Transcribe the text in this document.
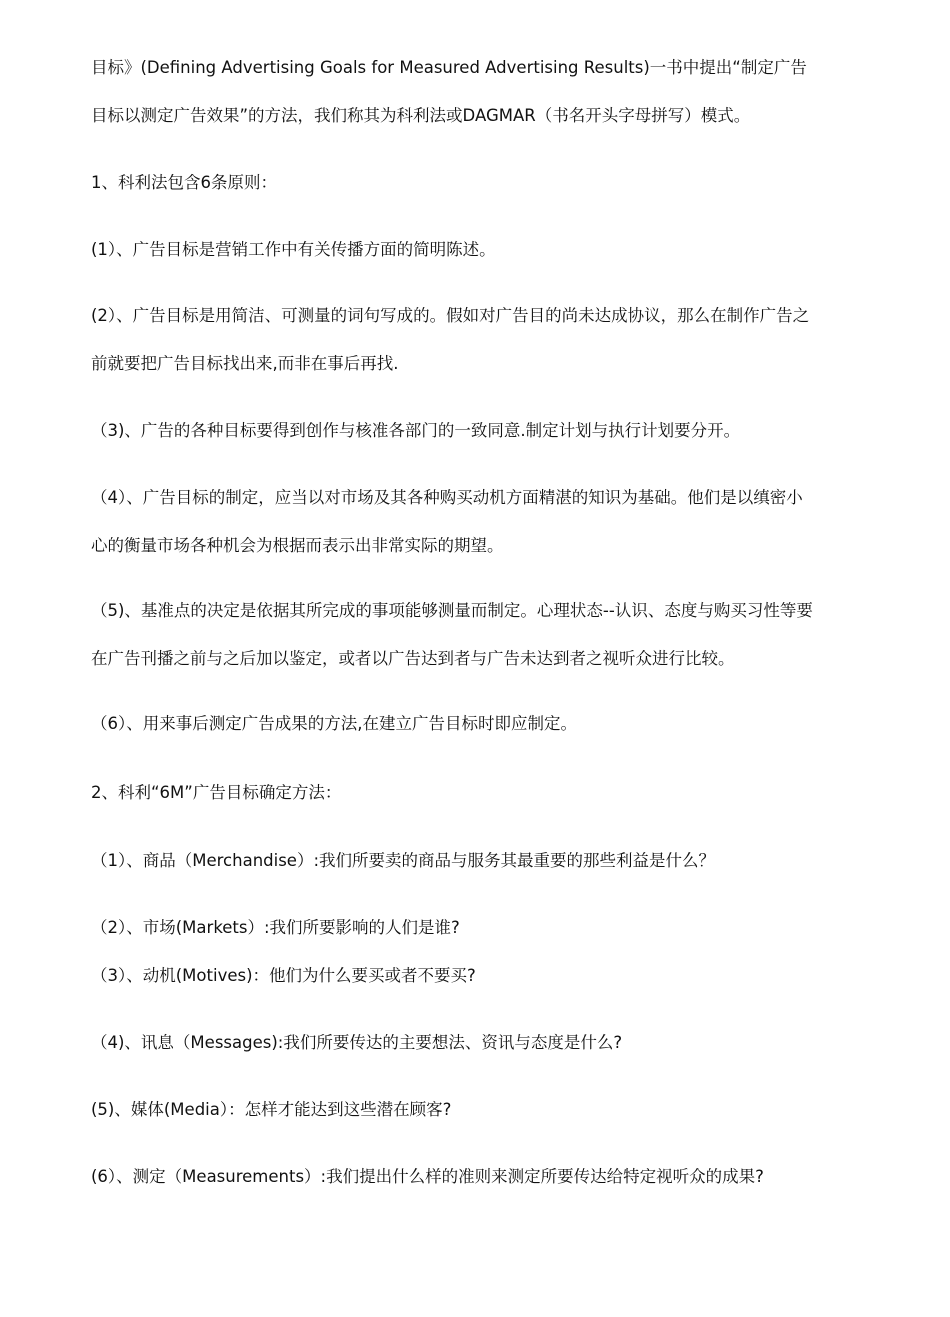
目标》(Defining Advertising Goals for Measured Advertising Results)一书中提出“制定广告
目标以测定广告效果”的方法，我们称其为科利法或DAGMAR（书名开头字母拼写）模式。
1、科利法包含6条原则：
(1）、广告目标是营销工作中有关传播方面的简明陈述。
(2）、广告目标是用简洁、可测量的词句写成的。假如对广告目的尚未达成协议，那么在制作广告之
前就要把广告目标找出来,而非在事后再找.
（3)、广告的各种目标要得到创作与核准各部门的一致同意.制定计划与执行计划要分开。
（4）、广告目标的制定，应当以对市场及其各种购买动机方面精湛的知识为基础。他们是以缜密小
心的衡量市场各种机会为根据而表示出非常实际的期望。
（5)、基准点的决定是依据其所完成的事项能够测量而制定。心理状态--认识、态度与购买习性等要
在广告刊播之前与之后加以鉴定，或者以广告达到者与广告未达到者之视听众进行比较。
（6）、用来事后测定广告成果的方法,在建立广告目标时即应制定。
2、科利“6M”广告目标确定方法：
（1）、商品（Merchandise）:我们所要卖的商品与服务其最重要的那些利益是什么？
（2）、市场(Markets）:我们所要影响的人们是谁?
（3）、动机(Motives)：他们为什么要买或者不要买?
（4)、讯息（Messages):我们所要传达的主要想法、资讯与态度是什么?
(5)、媒体(Media）：怎样才能达到这些潜在顾客?
(6）、测定（Measurements）:我们提出什么样的准则来测定所要传达给特定视听众的成果?
